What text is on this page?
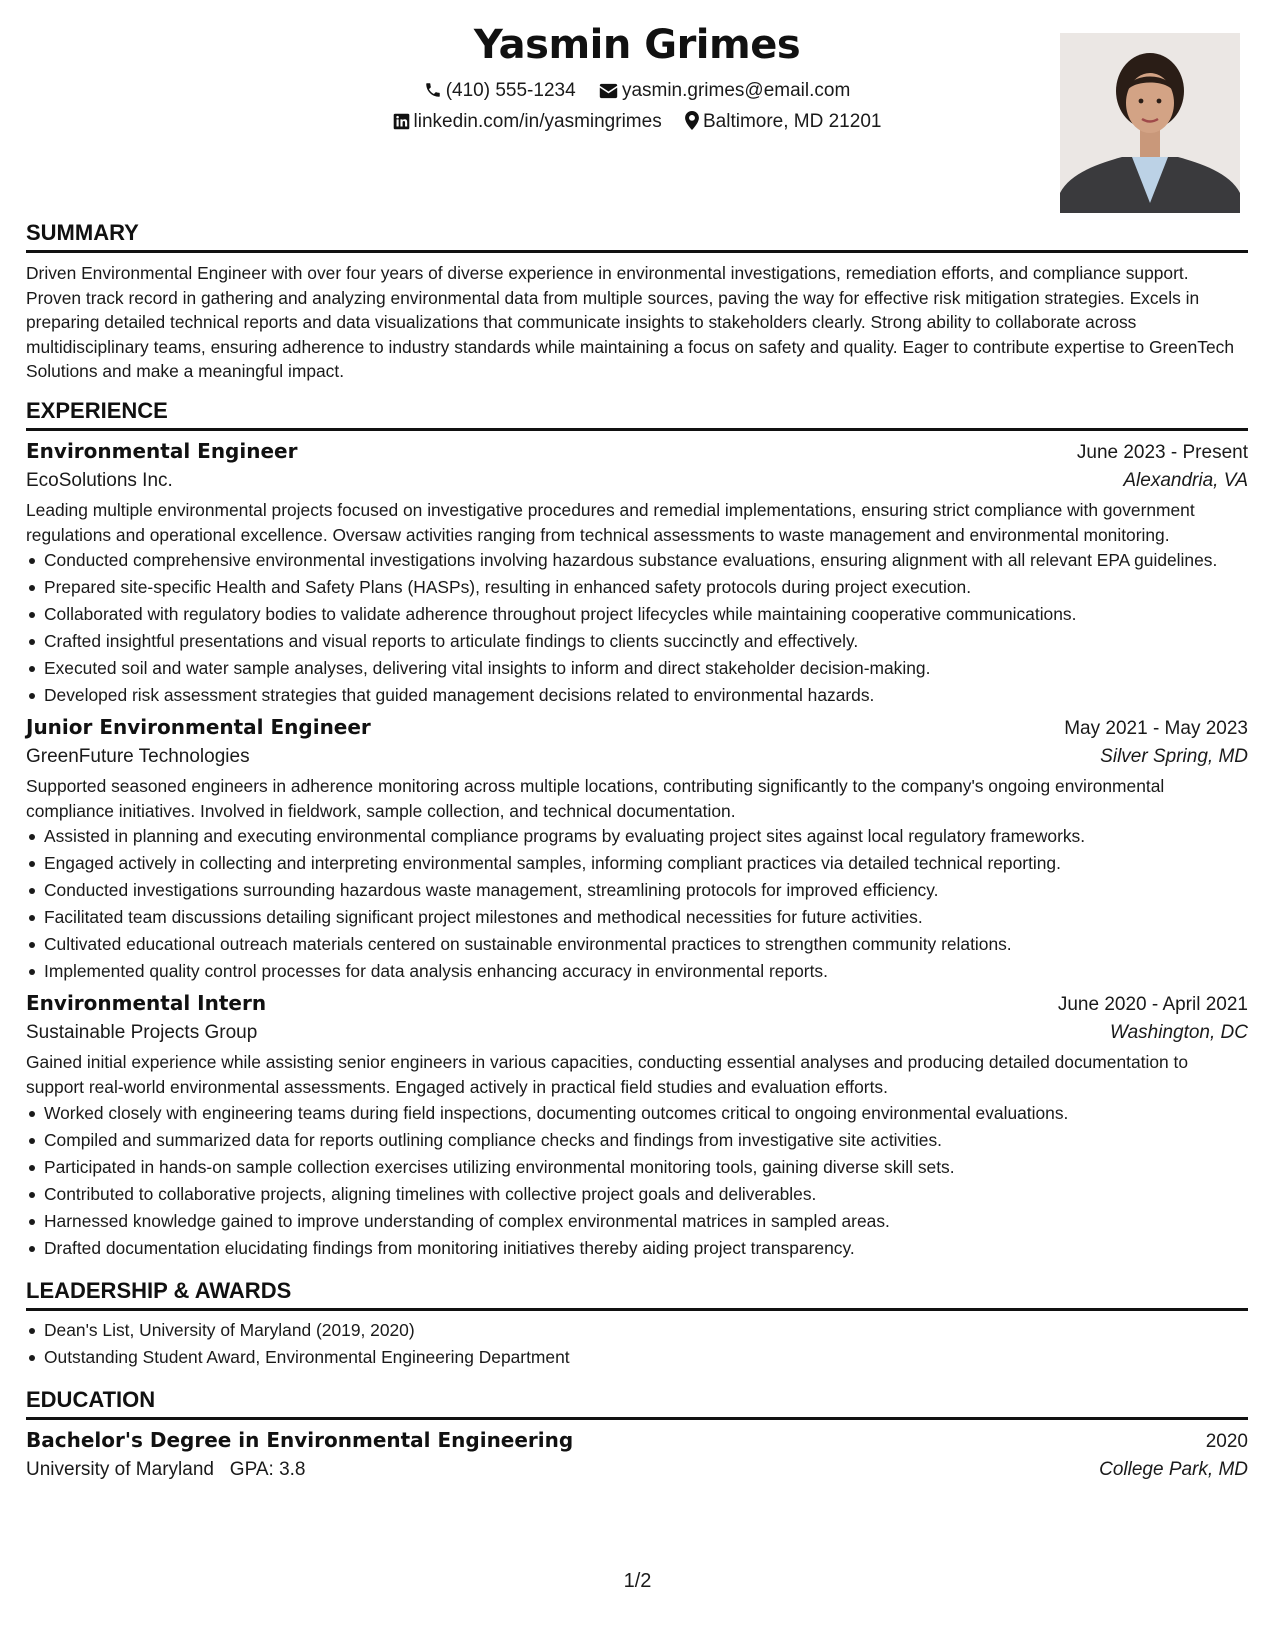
Yasmin Grimes
(410) 555-1234 yasmin.grimes@email.com
linkedin.com/in/yasmingrimes Baltimore, MD 21201
SUMMARY

Driven Environmental Engineer with over four years of diverse experience in environmental investigations, remediation efforts, and compliance support. Proven track record in gathering and analyzing environmental data from multiple sources, paving the way for effective risk mitigation strategies. Excels in preparing detailed technical reports and data visualizations that communicate insights to stakeholders clearly. Strong ability to collaborate across multidisciplinary teams, ensuring adherence to industry standards while maintaining a focus on safety and quality. Eager to contribute expertise to GreenTech Solutions and make a meaningful impact.

EXPERIENCE
Environmental Engineer	June 2023 - Present
EcoSolutions Inc.	Alexandria, VA
Leading multiple environmental projects focused on investigative procedures and remedial implementations, ensuring strict compliance with government regulations and operational excellence. Oversaw activities ranging from technical assessments to waste management and environmental monitoring.
Conducted comprehensive environmental investigations involving hazardous substance evaluations, ensuring alignment with all relevant EPA guidelines.
Prepared site-specific Health and Safety Plans (HASPs), resulting in enhanced safety protocols during project execution.
Collaborated with regulatory bodies to validate adherence throughout project lifecycles while maintaining cooperative communications.
Crafted insightful presentations and visual reports to articulate findings to clients succinctly and effectively.
Executed soil and water sample analyses, delivering vital insights to inform and direct stakeholder decision-making.
Developed risk assessment strategies that guided management decisions related to environmental hazards.
Junior Environmental Engineer	May 2021 - May 2023
GreenFuture Technologies	Silver Spring, MD
Supported seasoned engineers in adherence monitoring across multiple locations, contributing significantly to the company's ongoing environmental compliance initiatives. Involved in fieldwork, sample collection, and technical documentation.
Assisted in planning and executing environmental compliance programs by evaluating project sites against local regulatory frameworks.
Engaged actively in collecting and interpreting environmental samples, informing compliant practices via detailed technical reporting.
Conducted investigations surrounding hazardous waste management, streamlining protocols for improved efficiency.
Facilitated team discussions detailing significant project milestones and methodical necessities for future activities.
Cultivated educational outreach materials centered on sustainable environmental practices to strengthen community relations.
Implemented quality control processes for data analysis enhancing accuracy in environmental reports.
Environmental Intern	June 2020 - April 2021
Sustainable Projects Group	Washington, DC
Gained initial experience while assisting senior engineers in various capacities, conducting essential analyses and producing detailed documentation to support real-world environmental assessments. Engaged actively in practical field studies and evaluation efforts.
Worked closely with engineering teams during field inspections, documenting outcomes critical to ongoing environmental evaluations.
Compiled and summarized data for reports outlining compliance checks and findings from investigative site activities.
Participated in hands-on sample collection exercises utilizing environmental monitoring tools, gaining diverse skill sets.
Contributed to collaborative projects, aligning timelines with collective project goals and deliverables.
Harnessed knowledge gained to improve understanding of complex environmental matrices in sampled areas.
Drafted documentation elucidating findings from monitoring initiatives thereby aiding project transparency.
LEADERSHIP & AWARDS
Dean's List, University of Maryland (2019, 2020)
Outstanding Student Award, Environmental Engineering Department
EDUCATION
Bachelor's Degree in Environmental Engineering	2020
University of Maryland GPA: 3.8	College Park, MD
1/2
